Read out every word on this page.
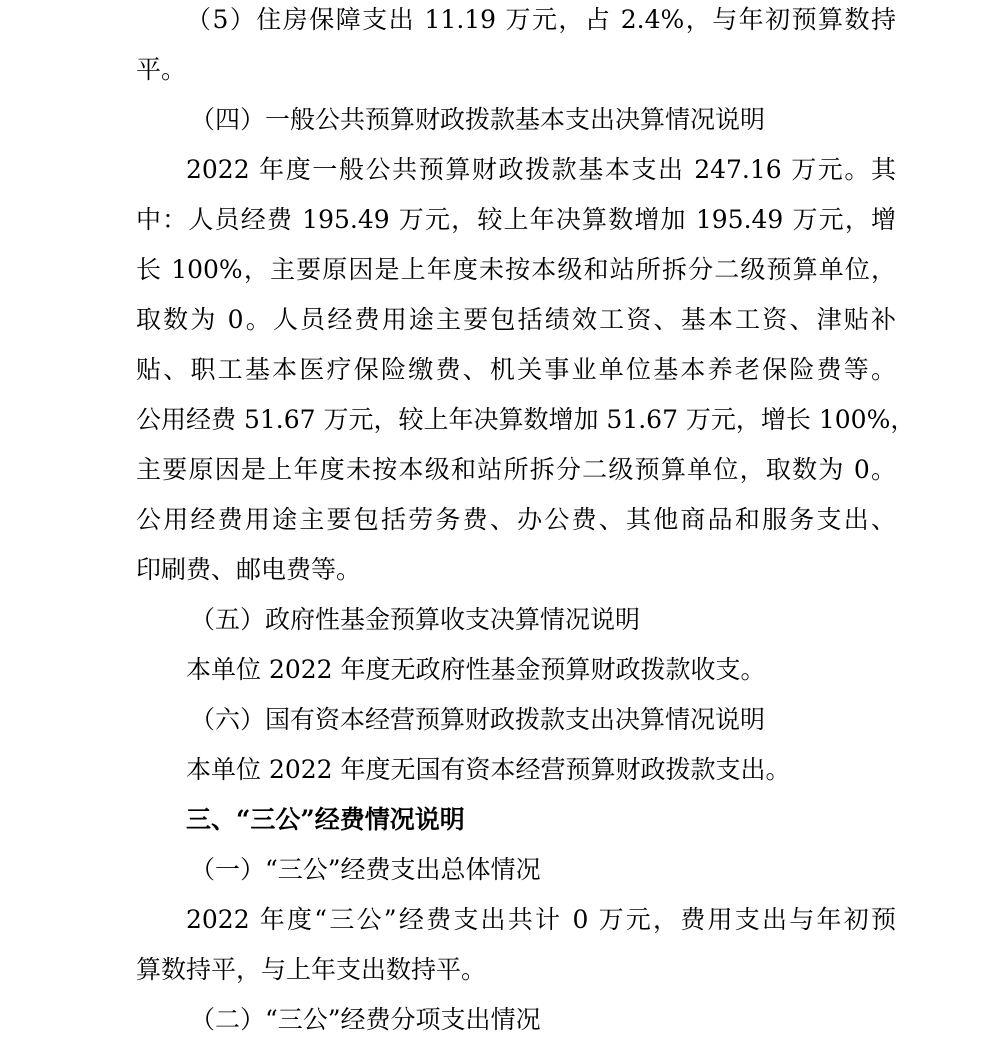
（5）住房保障支出 11.19 万元，占 2.4%，与年初预算数持
平。
（四）一般公共预算财政拨款基本支出决算情况说明
2022 年度一般公共预算财政拨款基本支出 247.16 万元。其
中：人员经费 195.49 万元，较上年决算数增加 195.49 万元，增
长 100%，主要原因是上年度未按本级和站所拆分二级预算单位，
取数为 0。人员经费用途主要包括绩效工资、基本工资、津贴补
贴、职工基本医疗保险缴费、机关事业单位基本养老保险费等。
公用经费 51.67 万元，较上年决算数增加 51.67 万元，增长 100%，
主要原因是上年度未按本级和站所拆分二级预算单位，取数为 0。
公用经费用途主要包括劳务费、办公费、其他商品和服务支出、
印刷费、邮电费等。
（五）政府性基金预算收支决算情况说明
本单位 2022 年度无政府性基金预算财政拨款收支。
（六）国有资本经营预算财政拨款支出决算情况说明
本单位 2022 年度无国有资本经营预算财政拨款支出。
三、“三公”经费情况说明
（一）“三公”经费支出总体情况
2022 年度“三公”经费支出共计 0 万元，费用支出与年初预
算数持平，与上年支出数持平。
（二）“三公”经费分项支出情况
